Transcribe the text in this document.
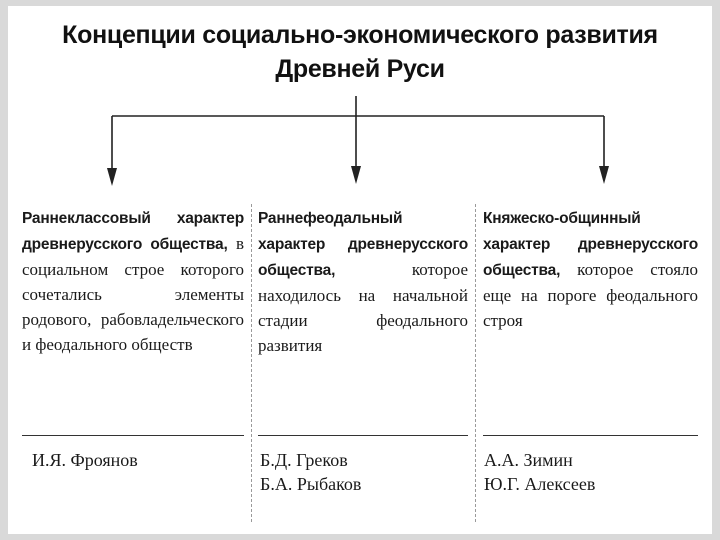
Концепции социально-экономического развития
Древней Руси

Раннеклассовый характер древнерусского общества, в социальном строе которого сочетались элементы родового, рабовладельческого и феодального обществ

Раннефеодальный характер древнерусского общества, которое находилось на начальной стадии феодального развития

Княжеско-общинный характер древнерусского общества, которое стояло еще на пороге феодального строя

И.Я. Фроянов	Б.Д. Греков
Б.А. Рыбаков
А.А. Зимин
Ю.Г. Алексеев
